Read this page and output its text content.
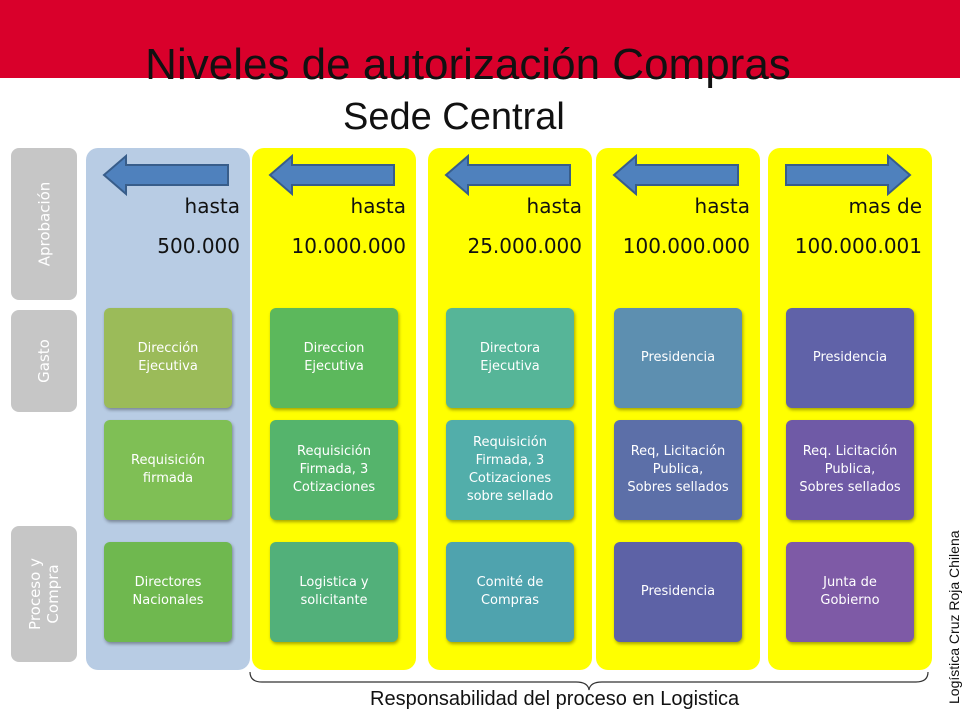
Niveles de autorización Compras
Sede Central
Aprobación
Gasto
Proceso y
Compra
hasta
500.000
Dirección
Ejecutiva
Requisición
firmada
Directores
Nacionales
hasta
10.000.000
Direccion
Ejecutiva
Requisición
Firmada, 3
Cotizaciones
Logistica y
solicitante
hasta
25.000.000
Directora
Ejecutiva
Requisición
Firmada, 3
Cotizaciones
sobre sellado
Comité de
Compras
hasta
100.000.000
Presidencia
Req, Licitación
Publica,
Sobres sellados
Presidencia
mas de
100.000.001
Presidencia
Req. Licitación
Publica,
Sobres sellados
Junta de
Gobierno
Responsabilidad del proceso en Logistica	Logística Cruz Roja Chilena
